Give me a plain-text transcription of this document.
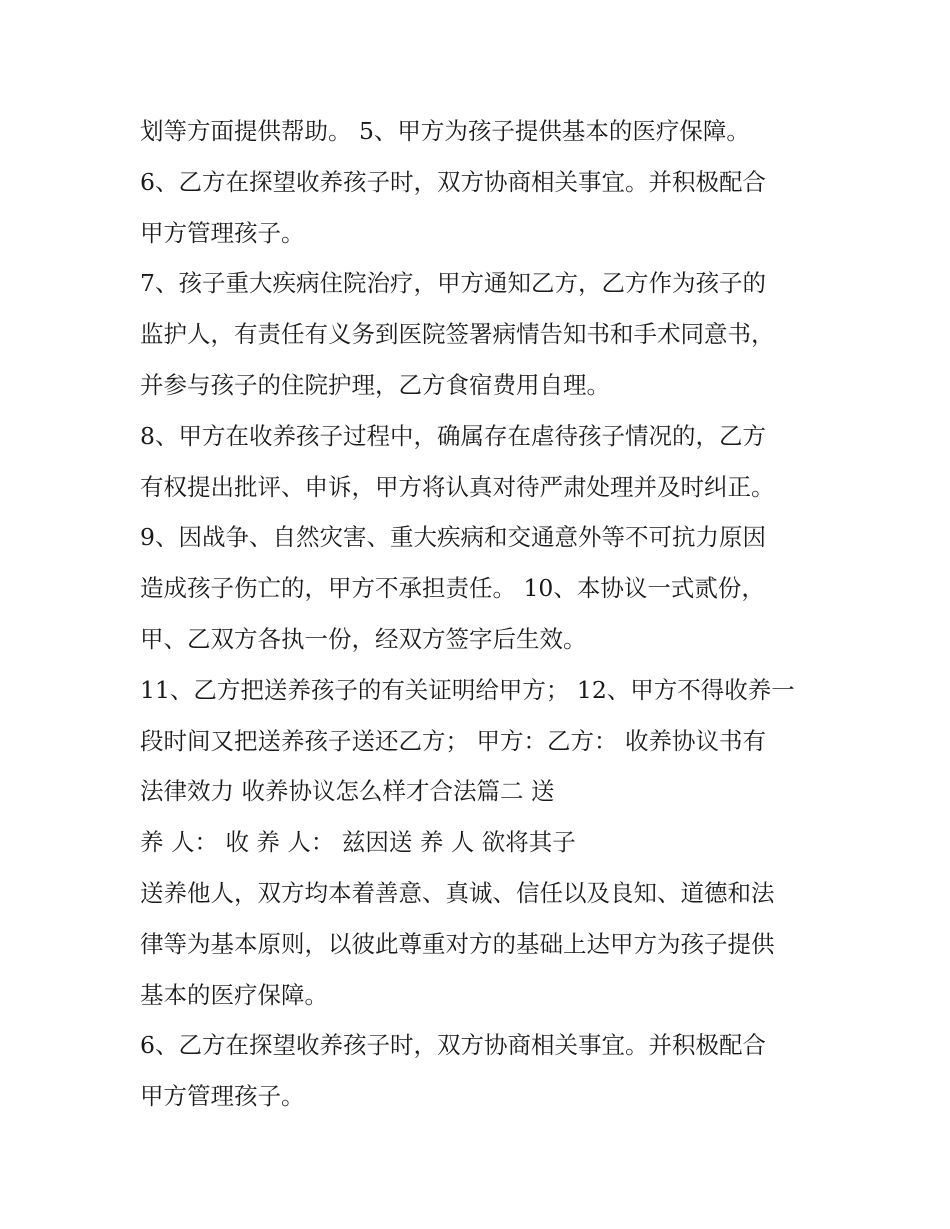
划等方面提供帮助。 5、甲方为孩子提供基本的医疗保障。

6、乙方在探望收养孩子时，双方协商相关事宜。并积极配合

甲方管理孩子。

7、孩子重大疾病住院治疗，甲方通知乙方，乙方作为孩子的

监护人，有责任有义务到医院签署病情告知书和手术同意书，

并参与孩子的住院护理，乙方食宿费用自理。

8、甲方在收养孩子过程中，确属存在虐待孩子情况的，乙方

有权提出批评、申诉，甲方将认真对待严肃处理并及时纠正。

9、因战争、自然灾害、重大疾病和交通意外等不可抗力原因

造成孩子伤亡的，甲方不承担责任。 10、本协议一式贰份，

甲、乙双方各执一份，经双方签字后生效。

11、乙方把送养孩子的有关证明给甲方； 12、甲方不得收养一

段时间又把送养孩子送还乙方； 甲方：乙方： 收养协议书有

法律效力 收养协议怎么样才合法篇二 送

养 人： 收 养 人： 兹因送 养 人 欲将其子

送养他人，双方均本着善意、真诚、信任以及良知、道德和法

律等为基本原则，以彼此尊重对方的基础上达甲方为孩子提供

基本的医疗保障。

6、乙方在探望收养孩子时，双方协商相关事宜。并积极配合

甲方管理孩子。
